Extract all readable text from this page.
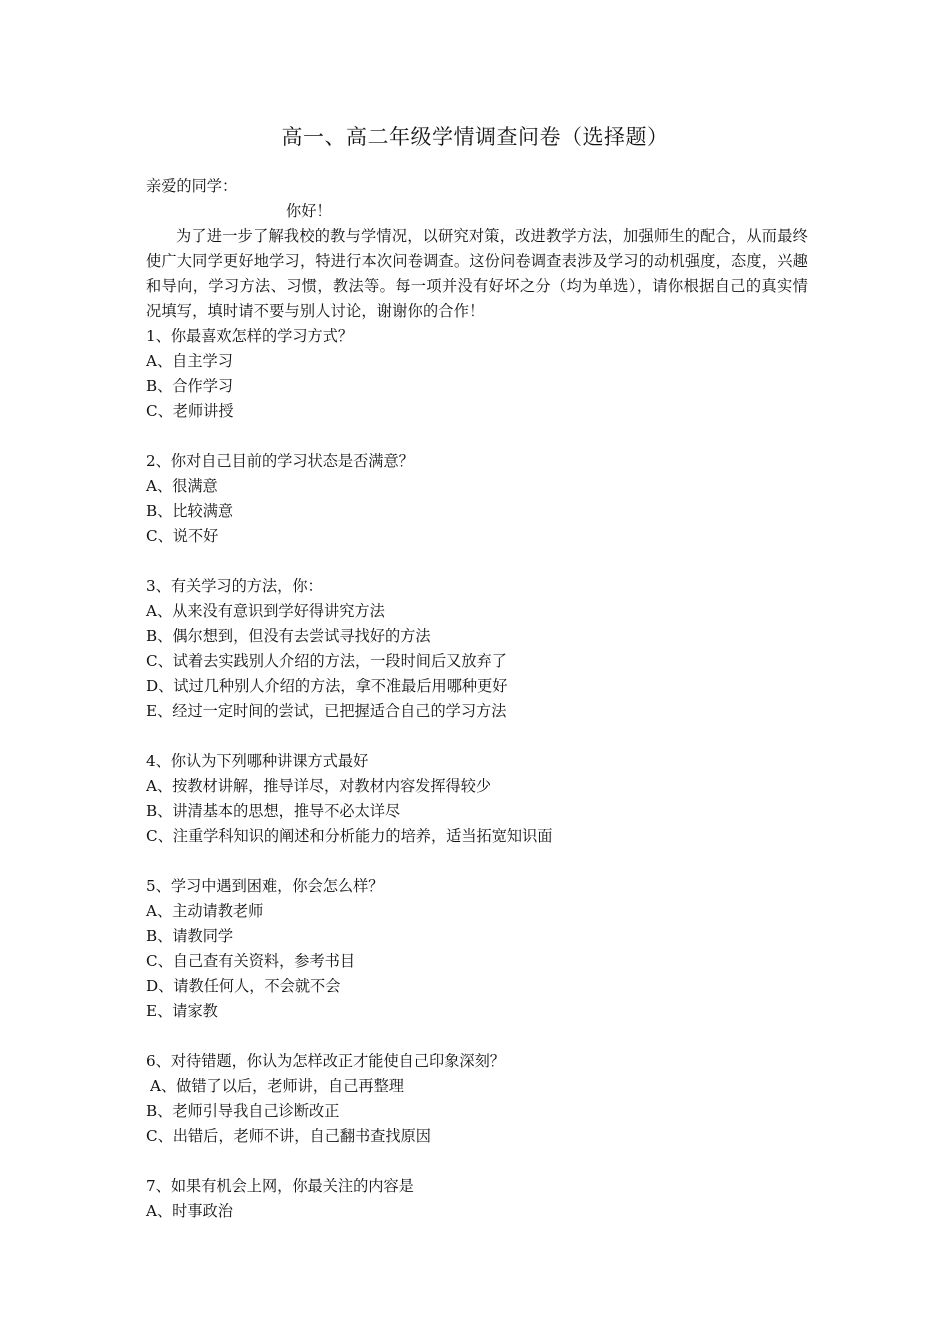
高一、高二年级学情调查问卷（选择题）
亲爱的同学：
你好！
为了进一步了解我校的教与学情况，以研究对策，改进教学方法，加强师生的配合，从而最终使广大同学更好地学习，特进行本次问卷调查。这份问卷调查表涉及学习的动机强度，态度，兴趣和导向，学习方法、习惯，教法等。每一项并没有好坏之分（均为单选），请你根据自己的真实情况填写，填时请不要与别人讨论，谢谢你的合作！
1、你最喜欢怎样的学习方式？
A、自主学习
B、合作学习
C、老师讲授
2、你对自己目前的学习状态是否满意？
A、很满意
B、比较满意
C、说不好
3、有关学习的方法，你：
A、从来没有意识到学好得讲究方法
B、偶尔想到，但没有去尝试寻找好的方法
C、试着去实践别人介绍的方法，一段时间后又放弃了
D、试过几种别人介绍的方法，拿不准最后用哪种更好
E、经过一定时间的尝试，已把握适合自己的学习方法
4、你认为下列哪种讲课方式最好
A、按教材讲解，推导详尽，对教材内容发挥得较少
B、讲清基本的思想，推导不必太详尽
C、注重学科知识的阐述和分析能力的培养，适当拓宽知识面
5、学习中遇到困难，你会怎么样？
A、主动请教老师
B、请教同学
C、自己查有关资料，参考书目
D、请教任何人，不会就不会
E、请家教
6、对待错题，你认为怎样改正才能使自己印象深刻？
A、做错了以后，老师讲，自己再整理
B、老师引导我自己诊断改正
C、出错后，老师不讲，自己翻书查找原因
7、如果有机会上网，你最关注的内容是
A、时事政治
